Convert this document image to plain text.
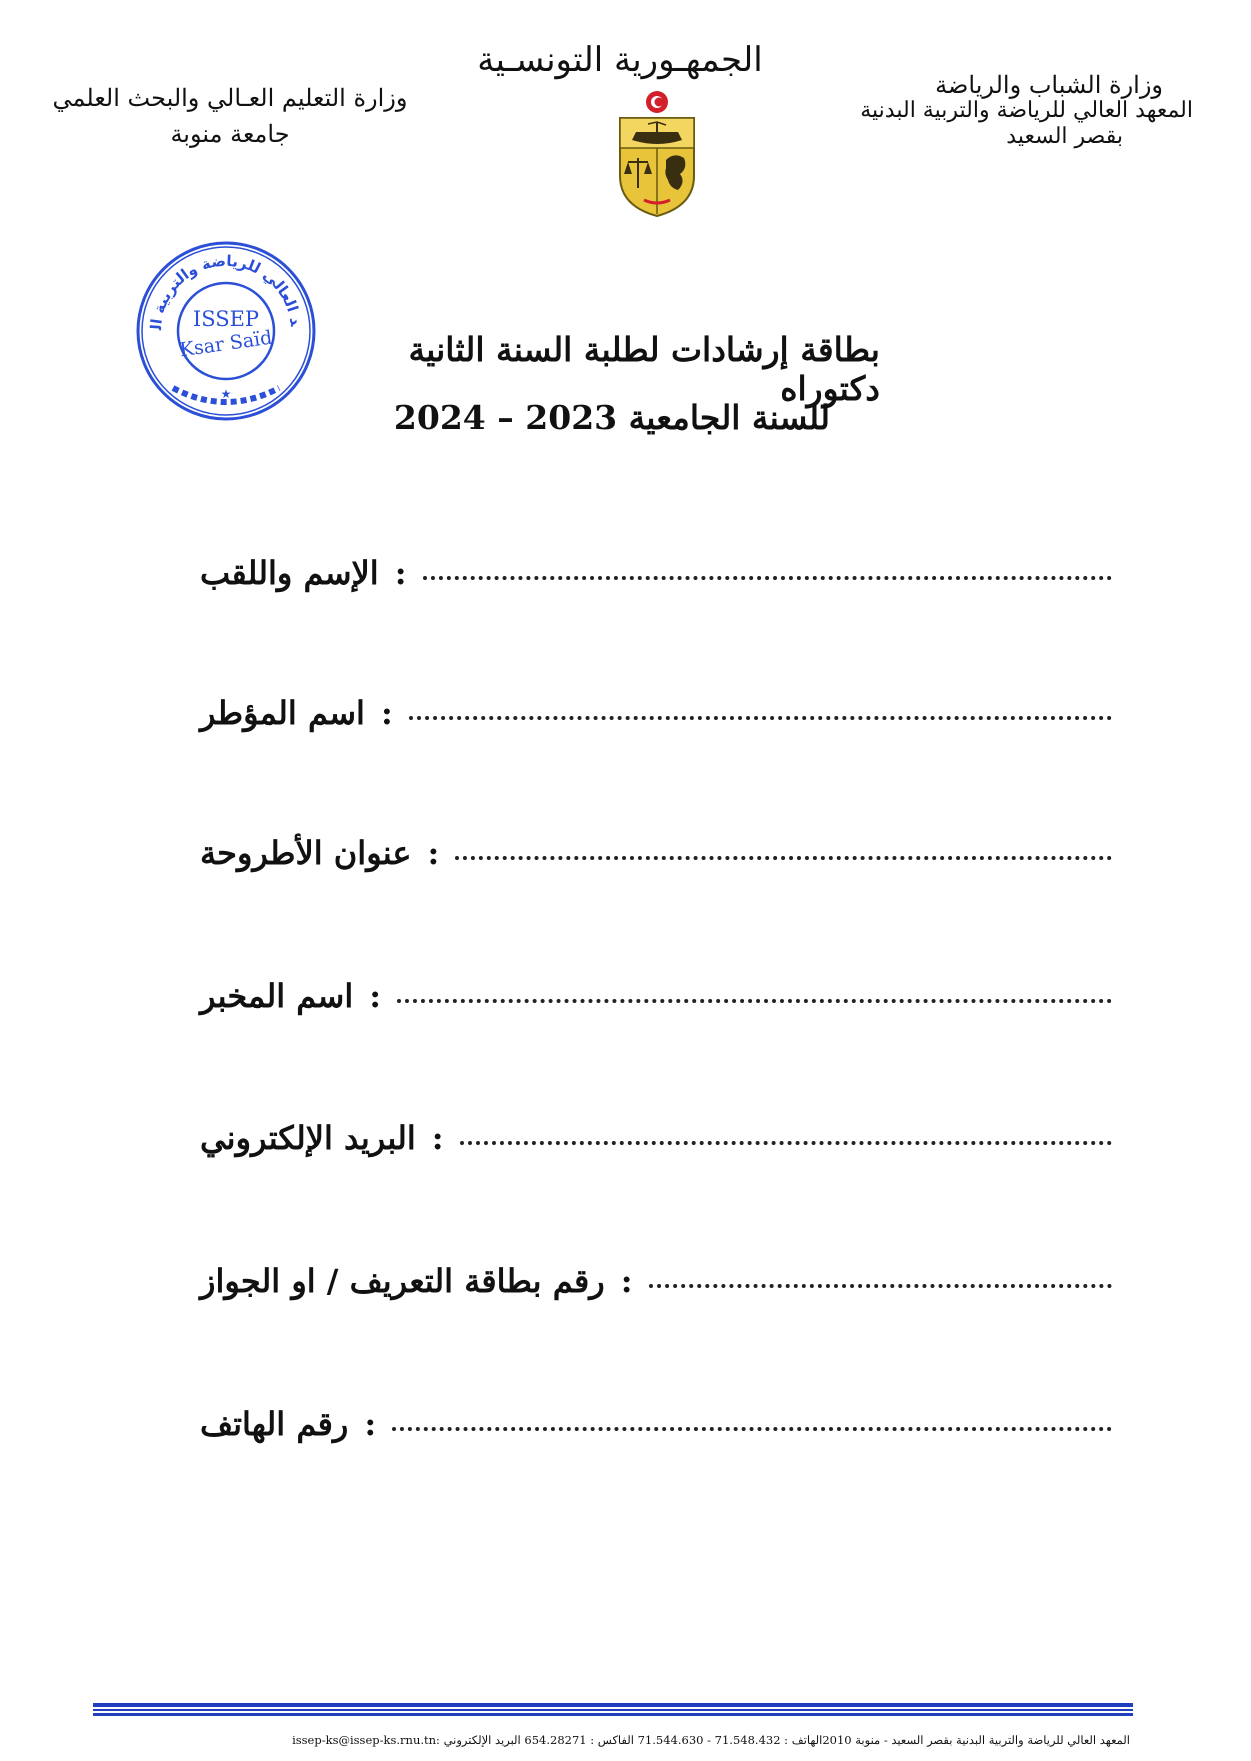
الجمهـورية التونسـية
وزارة الشباب والرياضة
المعهد العالي للرياضة والتربية البدنية
بقصر السعيد
وزارة التعليم العـالي والبحث العلمي
جامعة منوبة
د العالي للرياضة والتربية ال	ISSEP
Ksar Saïd
★
بطاقة إرشادات لطلبة السنة الثانية دكتوراه
للسنة الجامعية 2023 – 2024
الإسم واللقب :
اسم المؤطر :
عنوان الأطروحة :
اسم المخبر :
البريد الإلكتروني :
رقم بطاقة التعريف / او الجواز :
رقم الهاتف :
المعهد العالي للرياضة والتربية البدنية بقصر السعيد - منوبة 2010الهاتف : 71.548.432 - 71.544.630 الفاكس : 654.28271 البريد الإلكتروني :issep-ks@issep-ks.rnu.tn
